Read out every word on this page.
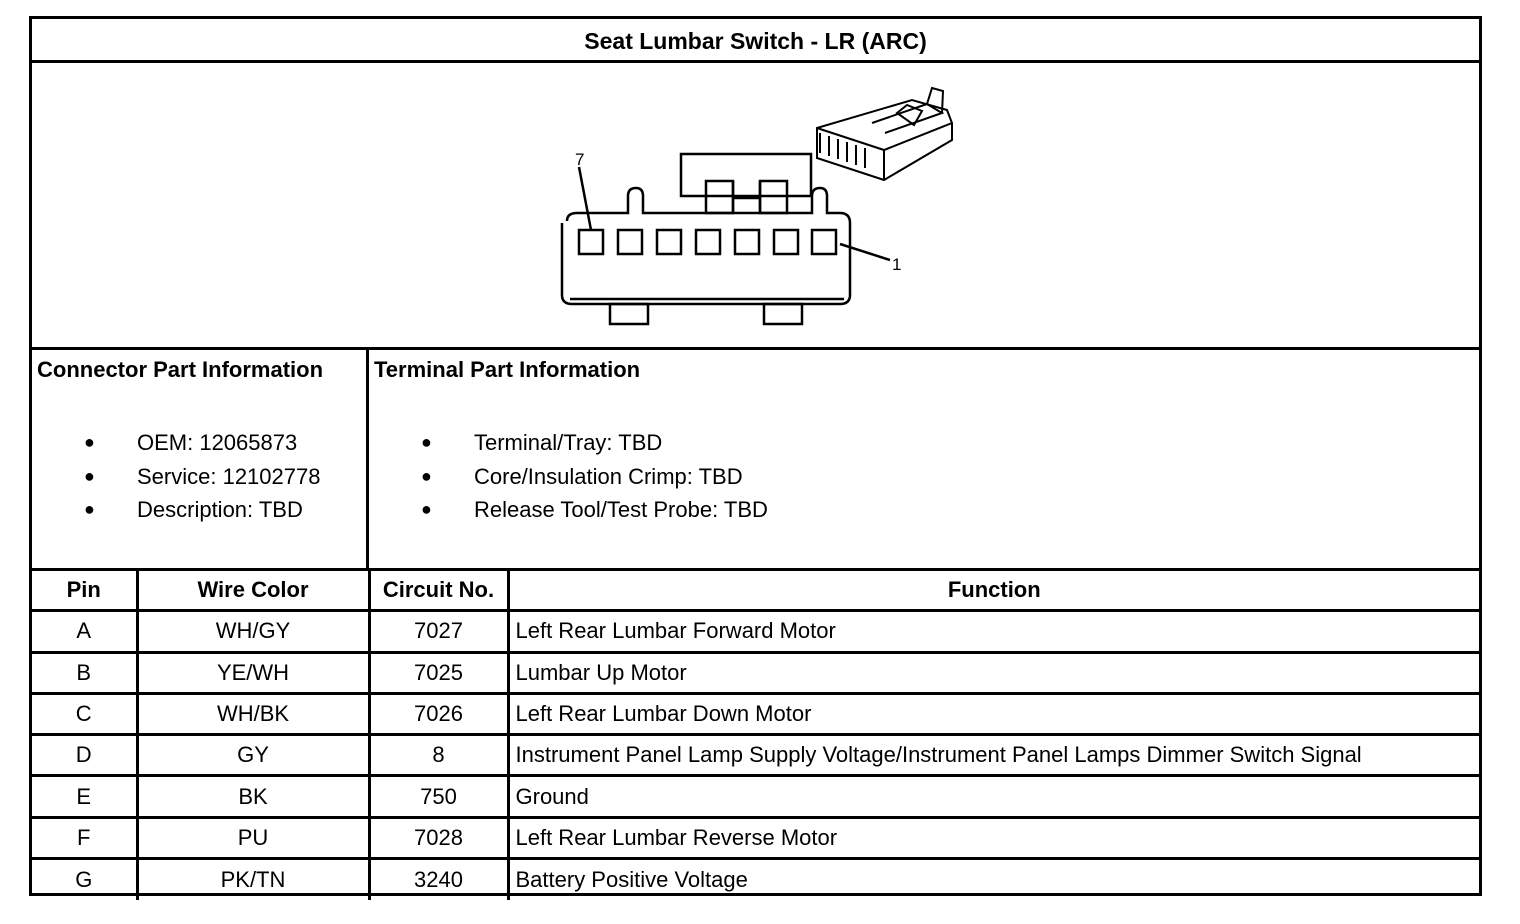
Seat Lumbar Switch - LR (ARC)
7
1
Connector Part Information
● OEM: 12065873
● Service: 12102778
● Description: TBD
Terminal Part Information
● Terminal/Tray: TBD
● Core/Insulation Crimp: TBD
● Release Tool/Test Probe: TBD
Pin	Wire Color	Circuit No.	Function
A	WH/GY	7027	Left Rear Lumbar Forward Motor
B	YE/WH	7025	Lumbar Up Motor
C	WH/BK	7026	Left Rear Lumbar Down Motor
D	GY	8	Instrument Panel Lamp Supply Voltage/Instrument Panel Lamps Dimmer Switch Signal
E	BK	750	Ground
F	PU	7028	Left Rear Lumbar Reverse Motor
G	PK/TN	3240	Battery Positive Voltage
